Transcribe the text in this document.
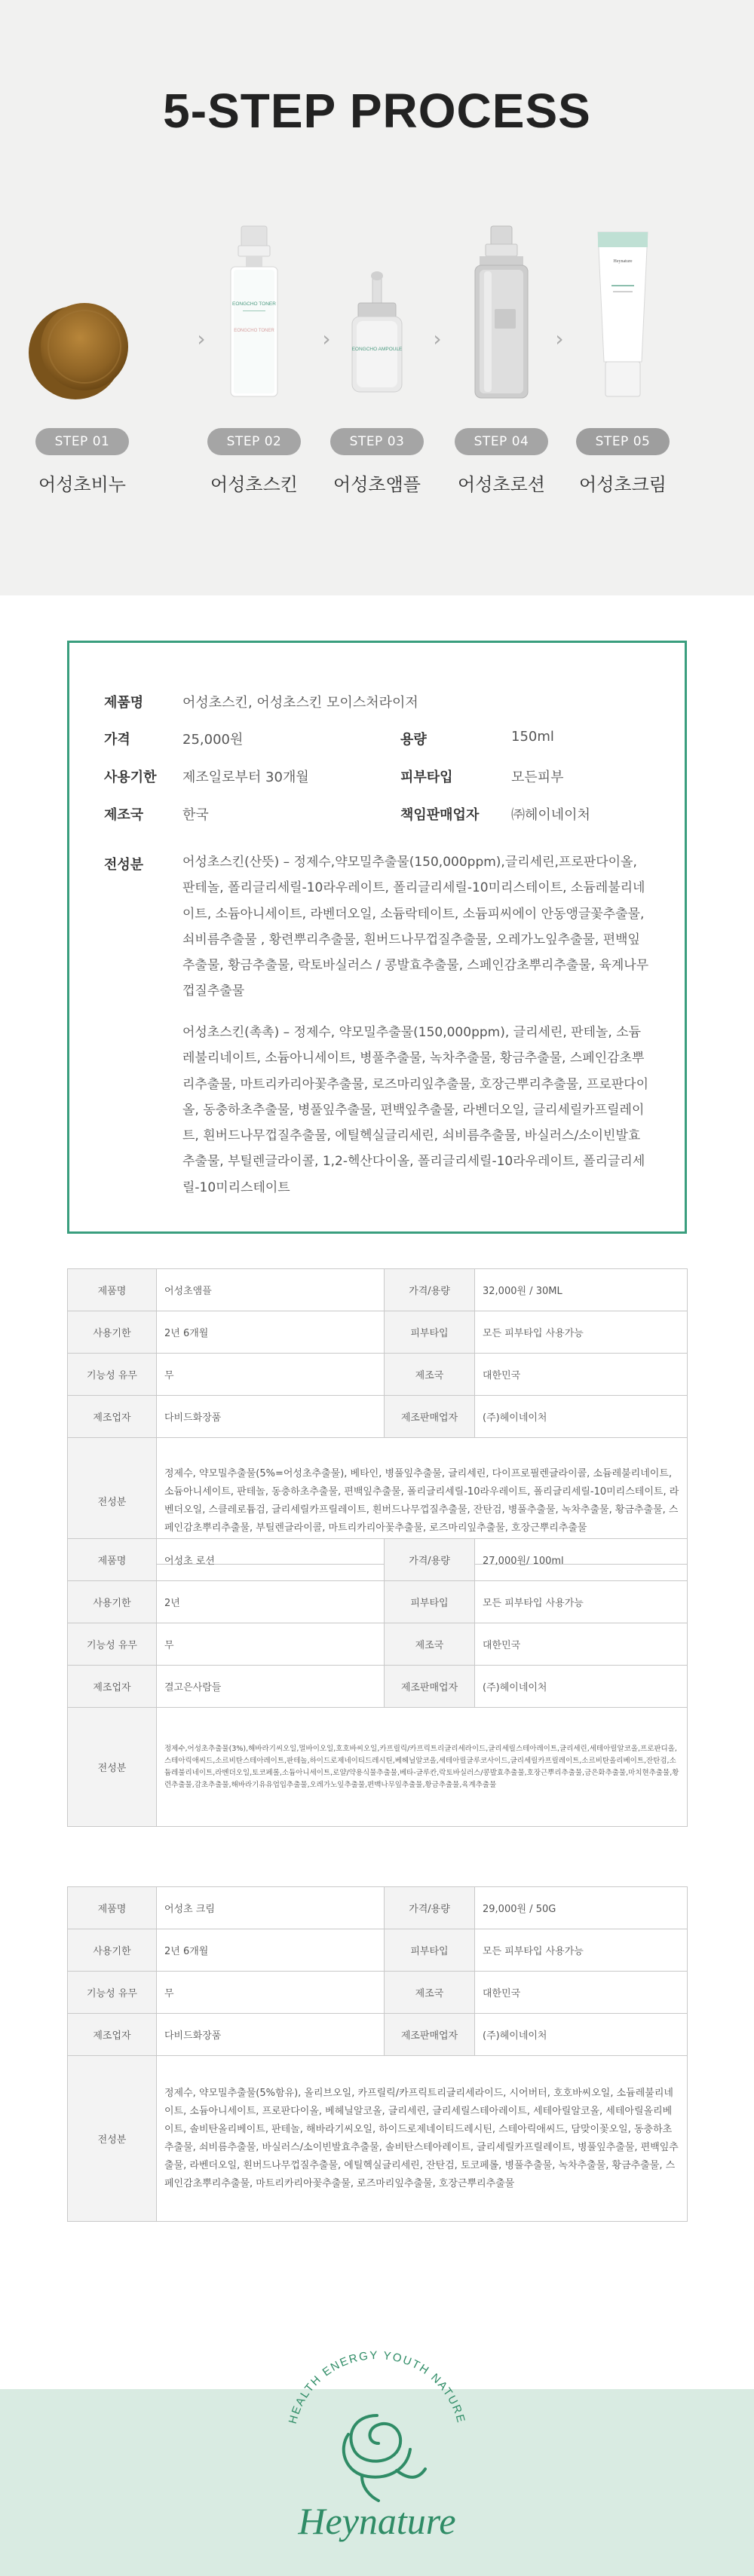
5-STEP PROCESS
STEP 01
어성초비누
›
EONGCHO TONER
EONGCHO TONER
STEP 02
어성초스킨
›	EONGCHO AMPOULE
STEP 03
어성초앰플
›
STEP 04
어성초로션
›
Heynature
STEP 05
어성초크림
제품명	어성초스킨, 어성초스킨 모이스처라이저
가격	25,000원	용량	150ml
사용기한 제조일로부터 30개월	피부타입	모든피부
제조국	한국	책임판매업자 ㈜헤이네이처
전성분	어성초스킨(산뜻) – 정제수,약모밀추출물(150,000ppm),글리세린,프로판다이올, 판테놀, 폴리글리세릴-10라우레이트, 폴리글리세릴-10미리스테이트, 소듐레불리네이트, 소듐아니세이트, 라벤더오일, 소듐락테이트, 소듐피씨에이 안동앵글꽃추출물, 쇠비름추출물 , 황련뿌리추출물, 흰버드나무껍질추출물, 오레가노잎추출물, 편백잎추출물, 황금추출물, 락토바실러스 / 콩발효추출물, 스페인감초뿌리추출물, 육계나무껍질추출물
어성초스킨(촉촉) – 정제수, 약모밀추출물(150,000ppm), 글리세린, 판테놀, 소듐레불리네이트, 소듐아니세이트, 병풀추출물, 녹차추출물, 황금추출물, 스페인감초뿌리추출물, 마트리카리아꽃추출물, 로즈마리잎추출물, 호장근뿌리추출물, 프로판다이올, 동충하초추출물, 병풀잎추출물, 편백잎추출물, 라벤더오일, 글리세릴카프릴레이트, 흰버드나무껍질추출물, 에틸헥실글리세린, 쇠비름추출물, 바실러스/소이빈발효추출물, 부틸렌글라이콜, 1,2-헥산다이올, 폴리글리세릴-10라우레이트, 폴리글리세릴-10미리스테이트
제품명	어성초앰플	가격/용량	32,000원 / 30ML
사용기한	2년 6개월	피부타입	모든 피부타입 사용가능
기능성 유무	무	제조국	대한민국
제조업자	다비드화장품	제조판매업자	(주)헤이네이처
전성분	정제수, 약모밀추출물(5%=어성초추출물), 베타인, 병풀잎추출물, 글리세린, 다이프로필렌글라이콜, 소듐레불리네이트, 소듐아니세이트, 판테놀, 동충하초추출물, 편백잎추출물, 폴리글리세릴-10라우레이트, 폴리글리세릴-10미리스테이트, 라벤더오일, 스클레로튬검, 글리세릴카프릴레이트, 흰버드나무껍질추출물, 잔탄검, 병풀추출물, 녹차추출물, 황금추출물, 스페인감초뿌리추출물, 부틸렌글라이콜, 마트리카리아꽃추출물, 로즈마리잎추출물, 호장근뿌리추출물		
제품명	어성초 로션	가격/용량	27,000원/ 100ml
사용기한	2년	피부타입	모든 피부타입 사용가능
기능성 유무	무	제조국	대한민국
제조업자	결고은사람들	제조판매업자	(주)헤이네이처
전성분	정제수,어성초추출물(3%),해바라기씨오일,멀바이오일,호호바씨오일,카프릴릭/카프릭트리글리세라이드,글리세릴스테아레이트,글리세린,세테아릴알코올,프로판디올,스테아릭애씨드,소르비탄스테아레이트,판테놀,하이드로제네이티드레시틴,베헤닐알코올,세테아릴글루코사이드,글리세릴카프릴레이트,소르비탄올리베이트,잔탄검,소듐레불리네이트,라벤더오일,토코페롤,소듐아니세이트,로얄/약용식물추출물,베타-글루칸,락토바실러스/콩발효추출물,호장근뿌리추출물,금은화추출물,마치현추출물,황련추출물,감초추출물,해바라기유유업입추출물,오레가노잎추출물,편백나무잎추출물,황금추출물,육계추출물		
제품명	어성초 크림	가격/용량	29,000원 / 50G
사용기한	2년 6개월	피부타입	모든 피부타입 사용가능
기능성 유무	무	제조국	대한민국
제조업자	다비드화장품	제조판매업자	(주)헤이네이처
전성분	정제수, 약모밀추출물(5%함유), 올리브오일, 카프릴릭/카프릭트리글리세라이드, 시어버터, 호호바씨오일, 소듐레불리네이트, 소듐아니세이트, 프로판다이올, 베헤닐알코올, 글리세린, 글리세릴스테아레이트, 세테아릴알코올, 세테아릴올리베이트, 솔비탄올리베이트, 판테놀, 해바라기씨오일, 하이드로제네이티드레시틴, 스테아릭애씨드, 담맞이꽃오일, 동충하초추출물, 쇠비름추출물, 바실러스/소이빈발효추출물, 솔비탄스테아레이트, 글리세릴카프릴레이트, 병풀잎추출물, 편백잎추출물, 라벤더오일, 흰버드나무껍질추출물, 에틸헥실글리세린, 잔탄검, 토코페롤, 병풀추출물, 녹차추출물, 황금추출물, 스페인감초뿌리추출물, 마트리카리아꽃추출물, 로즈마리잎추출물, 호장근뿌리추출물		
HEALTH ENERGY YOUTH NATURE
Heynature
